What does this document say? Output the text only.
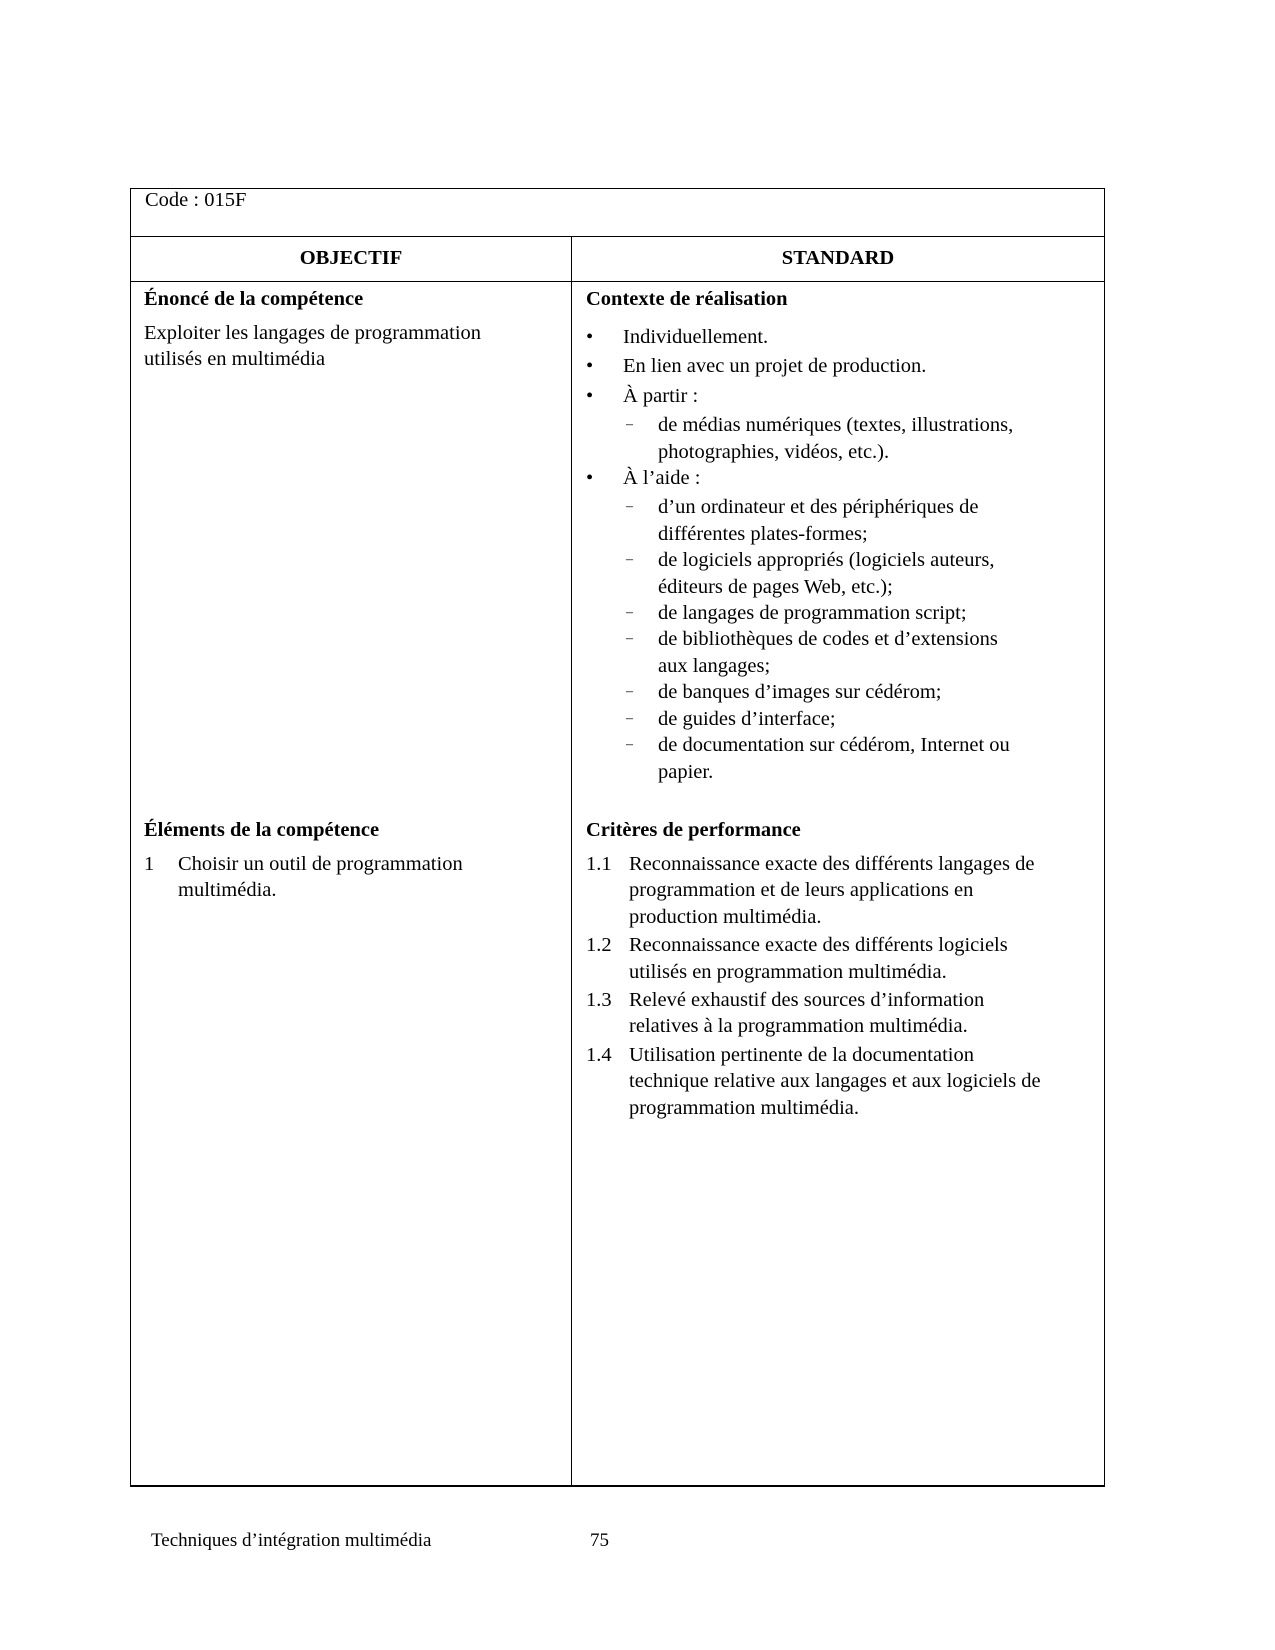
Code : 015F
OBJECTIF	STANDARD
Énoncé de la compétence
Exploiter les langages de programmation
utilisés en multimédia
Contexte de réalisation
• Individuellement.
• En lien avec un projet de production.
• À partir :
– de médias numériques (textes, illustrations,
photographies, vidéos, etc.).
• À l’aide :
– d’un ordinateur et des périphériques de
différentes plates-formes;
– de logiciels appropriés (logiciels auteurs,
éditeurs de pages Web, etc.);
– de langages de programmation script;
– de bibliothèques de codes et d’extensions
aux langages;
– de banques d’images sur cédérom;
– de guides d’interface;
– de documentation sur cédérom, Internet ou
papier.
Éléments de la compétence
1 Choisir un outil de programmation
multimédia.
Critères de performance
1.1 Reconnaissance exacte des différents langages de
programmation et de leurs applications en
production multimédia.
1.2 Reconnaissance exacte des différents logiciels
utilisés en programmation multimédia.
1.3 Relevé exhaustif des sources d’information
relatives à la programmation multimédia.
1.4 Utilisation pertinente de la documentation
technique relative aux langages et aux logiciels de
programmation multimédia.
Techniques d’intégration multimédia	75
